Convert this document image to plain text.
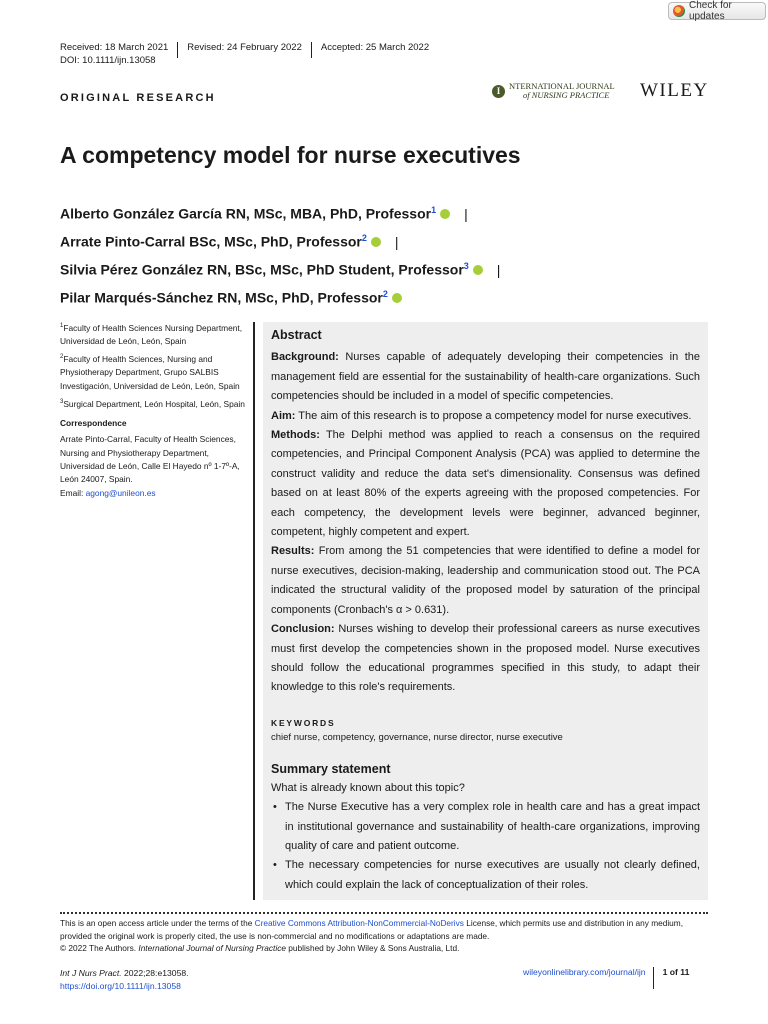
Check for updates
Received: 18 March 2021 Revised: 24 February 2022 Accepted: 25 March 2022
DOI: 10.1111/ijn.13058
ORIGINAL RESEARCH
I	NTERNATIONAL JOURNAL
of NURSING PRACTICE WILEY
A competency model for nurse executives
Alberto González García RN, MSc, MBA, PhD, Professor$^1$ |
Arrate Pinto-Carral BSc, MSc, PhD, Professor$^2$ |
Silvia Pérez González RN, BSc, MSc, PhD Student, Professor$^3$ |
Pilar Marqués-Sánchez RN, MSc, PhD, Professor$^2$

$^1$Faculty of Health Sciences Nursing Department, Universidad de León, León, Spain

$^2$Faculty of Health Sciences, Nursing and Physiotherapy Department, Grupo SALBIS Investigación, Universidad de León, León, Spain

$^3$Surgical Department, León Hospital, León, Spain

Correspondence

Arrate Pinto-Carral, Faculty of Health Sciences, Nursing and Physiotherapy Department, Universidad de León, Calle El Hayedo nº 1-7º-A, León 24007, Spain.
Email: agong@unileon.es

Abstract

Background: Nurses capable of adequately developing their competencies in the management field are essential for the sustainability of health-care organizations. Such competencies should be included in a model of specific competencies.

Aim: The aim of this research is to propose a competency model for nurse executives.

Methods: The Delphi method was applied to reach a consensus on the required competencies, and Principal Component Analysis (PCA) was applied to determine the construct validity and reduce the data set's dimensionality. Consensus was defined based on at least 80% of the experts agreeing with the proposed competencies. For each competency, the development levels were beginner, advanced beginner, competent, highly competent and expert.

Results: From among the 51 competencies that were identified to define a model for nurse executives, decision-making, leadership and communication stood out. The PCA indicated the structural validity of the proposed model by saturation of the principal components (Cronbach's α > 0.631).

Conclusion: Nurses wishing to develop their professional careers as nurse executives must first develop the competencies shown in the proposed model. Nurse executives should follow the educational programmes specified in this study, to adapt their knowledge to this role's requirements.

KEYWORDS

chief nurse, competency, governance, nurse director, nurse executive

Summary statement

What is already known about this topic?

• The Nurse Executive has a very complex role in health care and has a great impact in institutional governance and sustainability of health-care organizations, improving quality of care and patient outcome.
• The necessary competencies for nurse executives are usually not clearly defined, which could explain the lack of conceptualization of their roles.

This is an open access article under the terms of the Creative Commons Attribution-NonCommercial-NoDerivs License, which permits use and distribution in any medium, provided the original work is properly cited, the use is non-commercial and no modifications or adaptations are made.

© 2022 The Authors. International Journal of Nursing Practice published by John Wiley & Sons Australia, Ltd.

Int J Nurs Pract. 2022;28:e13058.
https://doi.org/10.1111/ijn.13058
wileyonlinelibrary.com/journal/ijn 1 of 11
